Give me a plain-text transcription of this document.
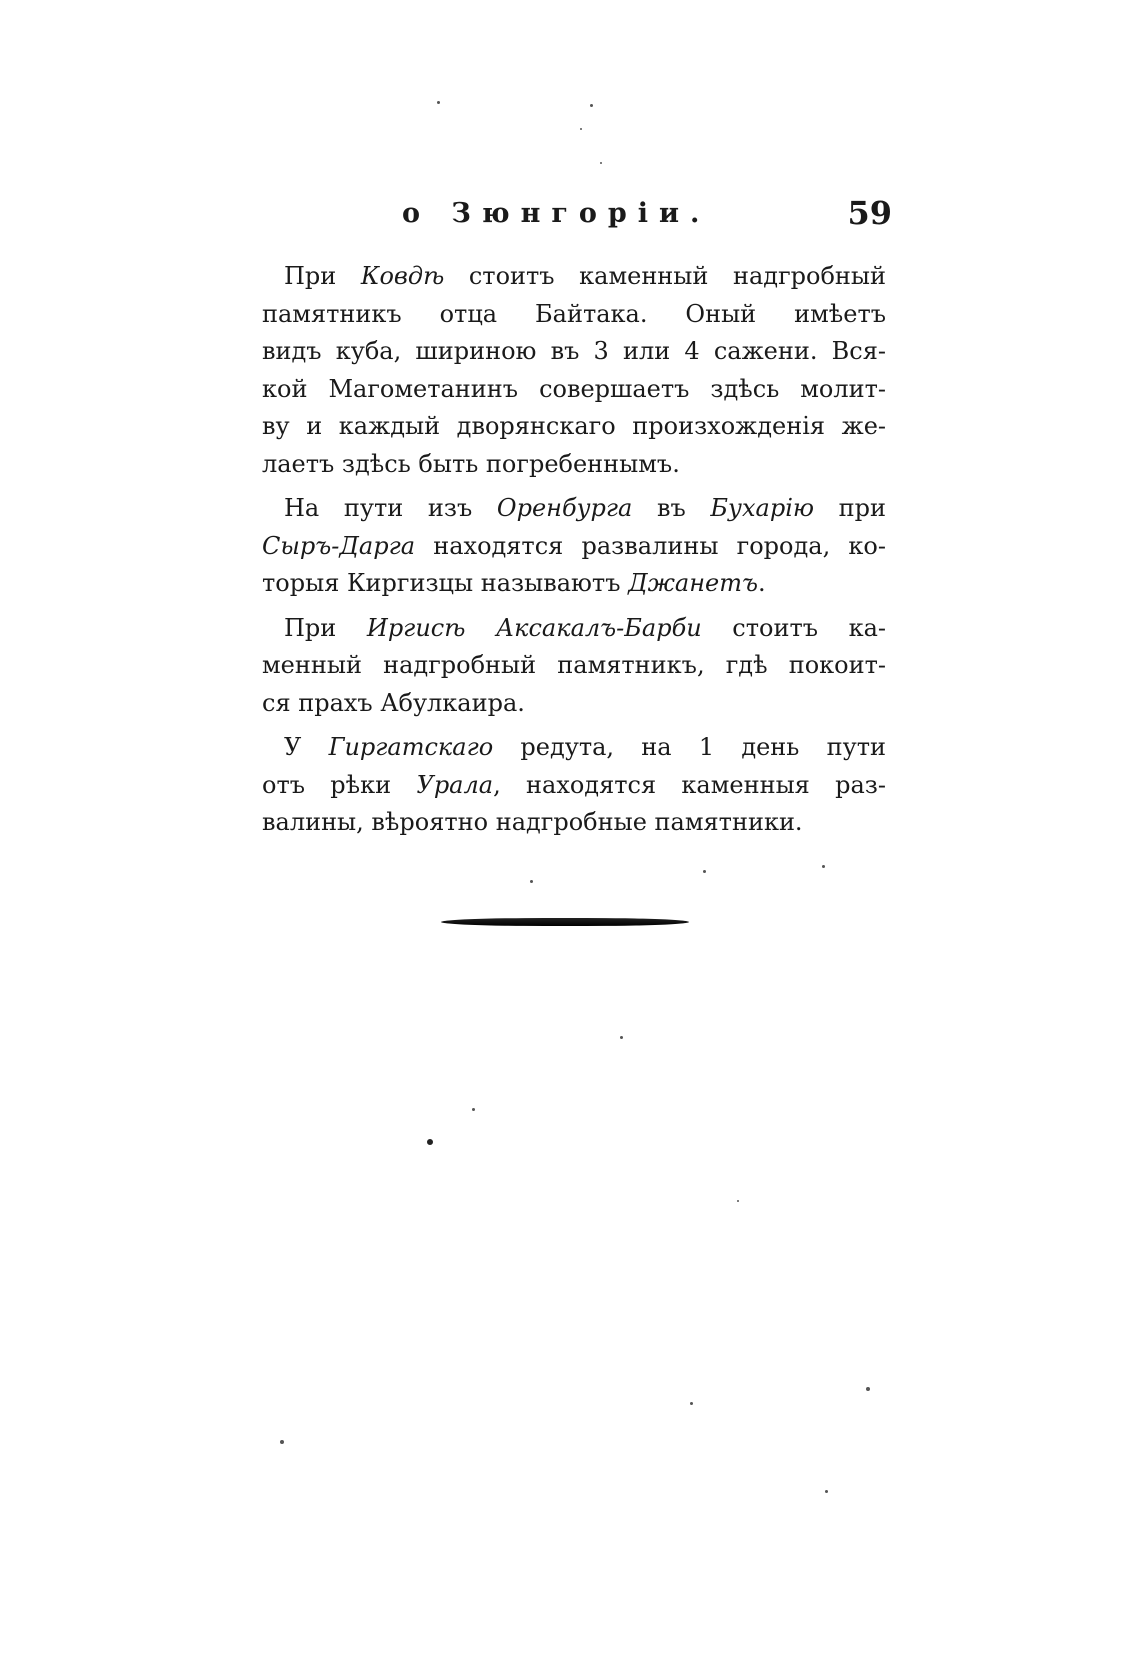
о Зюнгоріи.	59
При Ковдѣ стоитъ каменный надгробный
памятникъ отца Байтака. Оный имѣетъ
видъ куба, шириною въ 3 или 4 сажени. Вся-
кой Магометанинъ совершаетъ здѣсь молит-
ву и каждый дворянскаго произхожденія же-
лаетъ здѣсь быть погребеннымъ.
На пути изъ Оренбурга въ Бухарію при
Сыръ-Дарга находятся развалины города, ко-
торыя Киргизцы называютъ Джанетъ.
При Иргисѣ Аксакалъ-Барби стоитъ ка-
менный надгробный памятникъ, гдѣ покоит-
ся прахъ Абулкаира.
У Гиргатскаго редута, на 1 день пути
отъ рѣки Урала, находятся каменныя раз-
валины, вѣроятно надгробные памятники.
